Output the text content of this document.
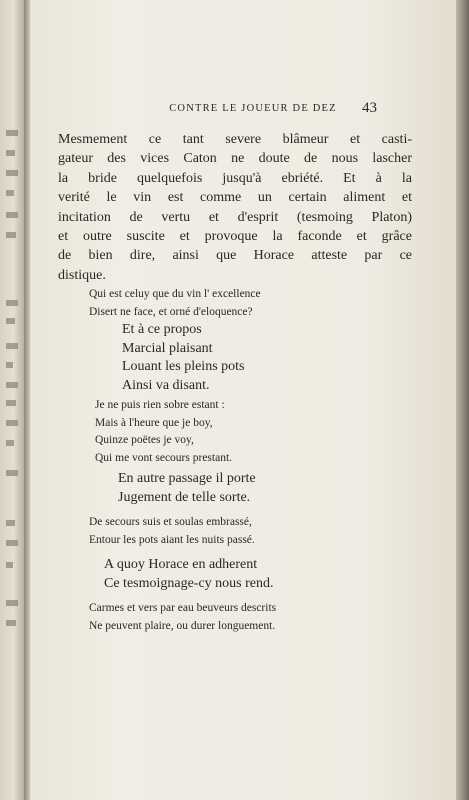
CONTRE LE JOUEUR DE DEZ	43
Mesmement ce tant severe blâmeur et casti-
gateur des vices Caton ne doute de nous lascher
la bride quelquefois jusqu'à ebriété. Et à la
verité le vin est comme un certain aliment et
incitation de vertu et d'esprit (tesmoing Platon)
et outre suscite et provoque la faconde et grâce
de bien dire, ainsi que Horace atteste par ce
distique.
Qui est celuy que du vin l' excellence
Disert ne face, et orné d'eloquence?
Et à ce propos
Marcial plaisant
Louant les pleins pots
Ainsi va disant.
Je ne puis rien sobre estant :
Mais à l'heure que je boy,
Quinze poëtes je voy,
Qui me vont secours prestant.
En autre passage il porte
Jugement de telle sorte.
De secours suis et soulas embrassé,
Entour les pots aiant les nuits passé.
A quoy Horace en adherent
Ce tesmoignage-cy nous rend.
Carmes et vers par eau beuveurs descrits
Ne peuvent plaire, ou durer longuement.
